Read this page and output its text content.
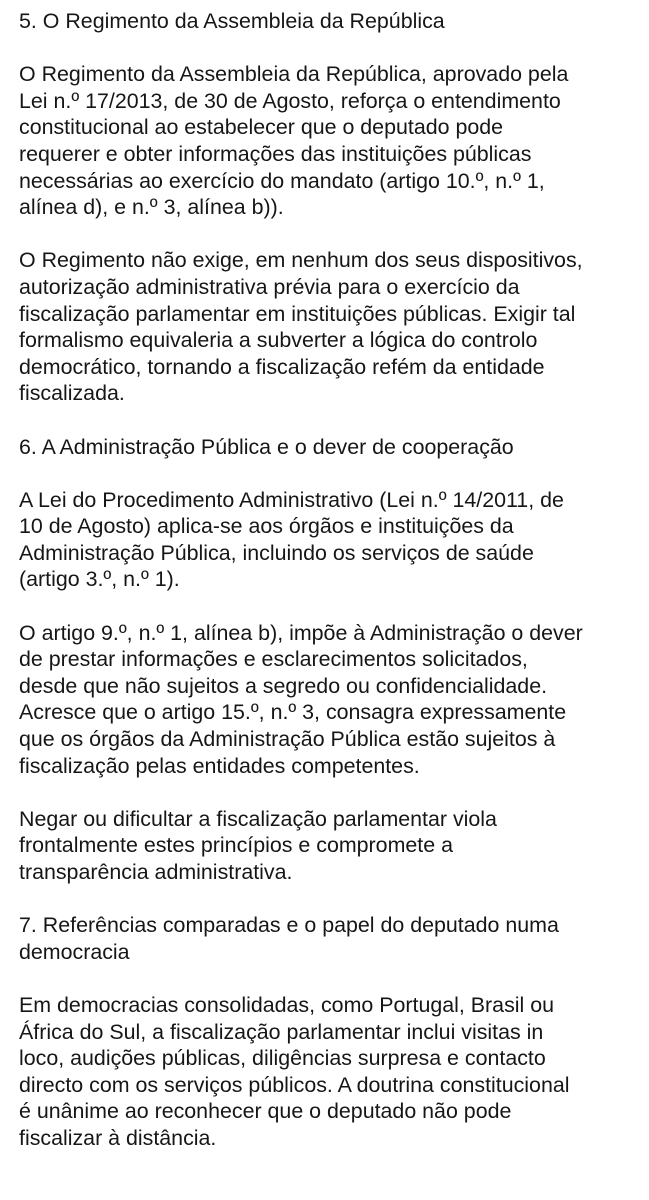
5. O Regimento da Assembleia da República

O Regimento da Assembleia da República, aprovado pela
Lei n.º 17/2013, de 30 de Agosto, reforça o entendimento
constitucional ao estabelecer que o deputado pode
requerer e obter informações das instituições públicas
necessárias ao exercício do mandato (artigo 10.º, n.º 1,
alínea d), e n.º 3, alínea b)).

O Regimento não exige, em nenhum dos seus dispositivos,
autorização administrativa prévia para o exercício da
fiscalização parlamentar em instituições públicas. Exigir tal
formalismo equivaleria a subverter a lógica do controlo
democrático, tornando a fiscalização refém da entidade
fiscalizada.

6. A Administração Pública e o dever de cooperação

A Lei do Procedimento Administrativo (Lei n.º 14/2011, de
10 de Agosto) aplica-se aos órgãos e instituições da
Administração Pública, incluindo os serviços de saúde
(artigo 3.º, n.º 1).

O artigo 9.º, n.º 1, alínea b), impõe à Administração o dever
de prestar informações e esclarecimentos solicitados,
desde que não sujeitos a segredo ou confidencialidade.
Acresce que o artigo 15.º, n.º 3, consagra expressamente
que os órgãos da Administração Pública estão sujeitos à
fiscalização pelas entidades competentes.

Negar ou dificultar a fiscalização parlamentar viola
frontalmente estes princípios e compromete a
transparência administrativa.

7. Referências comparadas e o papel do deputado numa
democracia

Em democracias consolidadas, como Portugal, Brasil ou
África do Sul, a fiscalização parlamentar inclui visitas in
loco, audições públicas, diligências surpresa e contacto
directo com os serviços públicos. A doutrina constitucional
é unânime ao reconhecer que o deputado não pode
fiscalizar à distância.
